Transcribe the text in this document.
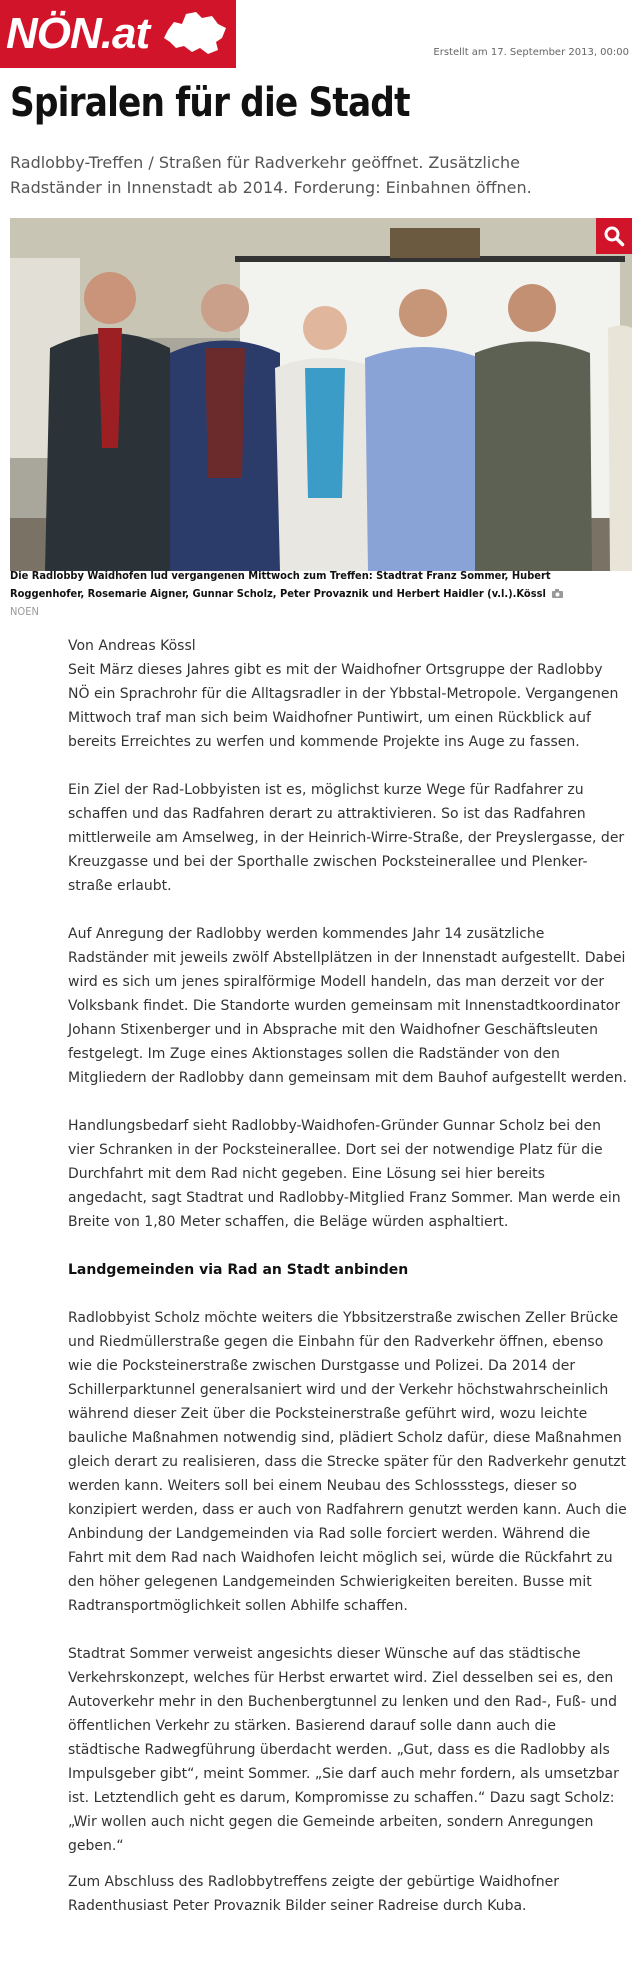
NÖN.at	Erstellt am 17. September 2013, 00:00
Spiralen für die Stadt

Radlobby-Treffen / Straßen für Radverkehr geöffnet. Zusätzliche Radständer in Innenstadt ab 2014. Forderung: Einbahnen öffnen.

Die Radlobby Waidhofen lud vergangenen Mittwoch zum Treffen: Stadtrat Franz Sommer, Hubert Roggenhofer, Rosemarie Aigner, Gunnar Scholz, Peter Provaznik und Herbert Haidler (v.l.).KösslNOEN

Von Andreas Kössl

Seit März dieses Jahres gibt es mit der Waidhofner Ortsgruppe der Radlobby NÖ ein Sprachrohr für die Alltagsradler in der Ybbstal-Metropole. Vergangenen Mittwoch traf man sich beim Waidhofner Puntiwirt, um einen Rückblick auf bereits Erreichtes zu werfen und kommende Projekte ins Auge zu fassen.

Ein Ziel der Rad-Lobbyisten ist es, möglichst kurze Wege für Radfahrer zu schaffen und das Radfahren derart zu attraktivieren. So ist das Radfahren mittlerweile am Amselweg, in der Heinrich-Wirre-Straße, der Preyslergasse, der Kreuzgasse und bei der Sporthalle zwischen Pocksteinerallee und Plenker-straße erlaubt.

Auf Anregung der Radlobby werden kommendes Jahr 14 zusätzliche Radständer mit jeweils zwölf Abstellplätzen in der Innenstadt aufgestellt. Dabei wird es sich um jenes spiralförmige Modell handeln, das man derzeit vor der Volksbank findet. Die Standorte wurden gemeinsam mit Innenstadtkoordinator Johann Stixenberger und in Absprache mit den Waidhofner Geschäftsleuten festgelegt. Im Zuge eines Aktionstages sollen die Radständer von den Mitgliedern der Radlobby dann gemeinsam mit dem Bauhof aufgestellt werden.

Handlungsbedarf sieht Radlobby-Waidhofen-Gründer Gunnar Scholz bei den vier Schranken in der Pocksteinerallee. Dort sei der notwendige Platz für die Durchfahrt mit dem Rad nicht gegeben. Eine Lösung sei hier bereits angedacht, sagt Stadtrat und Radlobby-Mitglied Franz Sommer. Man werde ein Breite von 1,80 Meter schaffen, die Beläge würden asphaltiert.

Landgemeinden via Rad an Stadt anbinden

Radlobbyist Scholz möchte weiters die Ybbsitzerstraße zwischen Zeller Brücke und Riedmüllerstraße gegen die Einbahn für den Radverkehr öffnen, ebenso wie die Pocksteinerstraße zwischen Durstgasse und Polizei. Da 2014 der Schillerparktunnel generalsaniert wird und der Verkehr höchstwahrscheinlich während dieser Zeit über die Pocksteinerstraße geführt wird, wozu leichte bauliche Maßnahmen notwendig sind, plädiert Scholz dafür, diese Maßnahmen gleich derart zu realisieren, dass die Strecke später für den Radverkehr genutzt werden kann. Weiters soll bei einem Neubau des Schlossstegs, dieser so konzipiert werden, dass er auch von Radfahrern genutzt werden kann. Auch die Anbindung der Landgemeinden via Rad solle forciert werden. Während die Fahrt mit dem Rad nach Waidhofen leicht möglich sei, würde die Rückfahrt zu den höher gelegenen Landgemeinden Schwierigkeiten bereiten. Busse mit Radtransportmöglichkeit sollen Abhilfe schaffen.

Stadtrat Sommer verweist angesichts dieser Wünsche auf das städtische Verkehrskonzept, welches für Herbst erwartet wird. Ziel desselben sei es, den Autoverkehr mehr in den Buchenbergtunnel zu lenken und den Rad-, Fuß- und öffentlichen Verkehr zu stärken. Basierend darauf solle dann auch die städtische Radwegführung überdacht werden. „Gut, dass es die Radlobby als Impulsgeber gibt“, meint Sommer. „Sie darf auch mehr fordern, als umsetzbar ist. Letztendlich geht es darum, Kompromisse zu schaffen.“ Dazu sagt Scholz: „Wir wollen auch nicht gegen die Gemeinde arbeiten, sondern Anregungen geben.“

Zum Abschluss des Radlobbytreffens zeigte der gebürtige Waidhofner Radenthusiast Peter Provaznik Bilder seiner Radreise durch Kuba.
